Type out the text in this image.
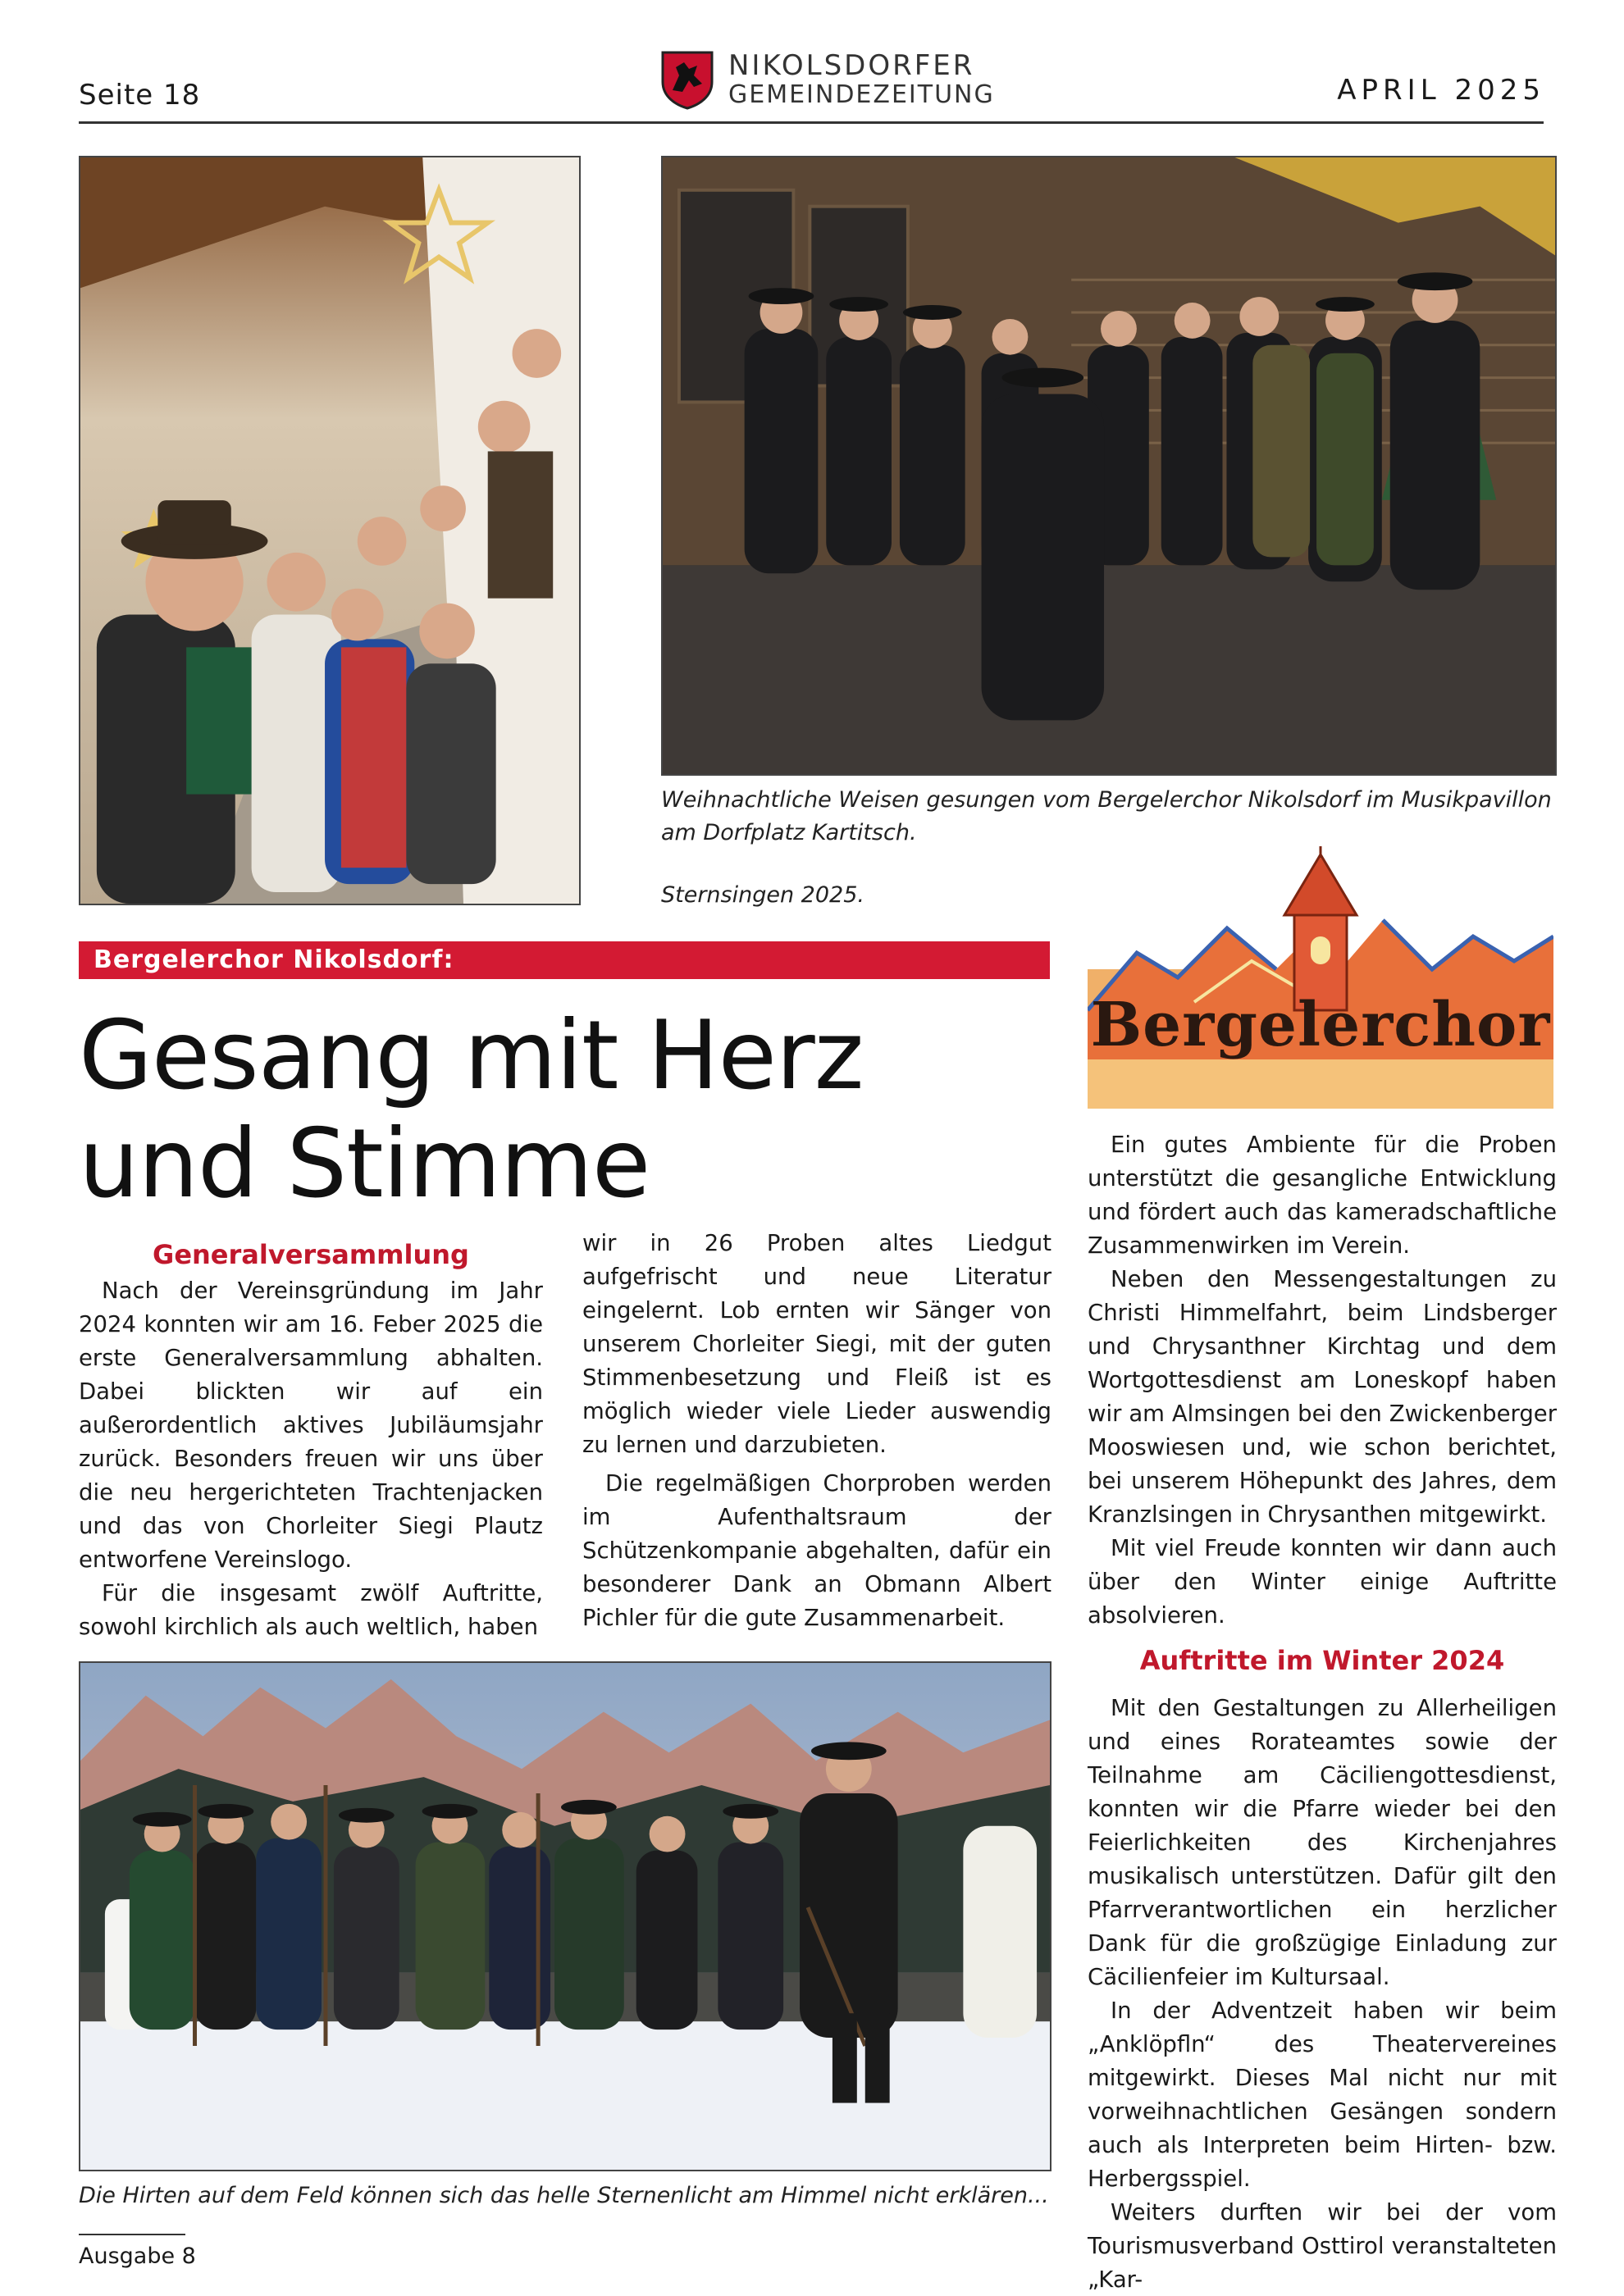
Seite 18
NIKOLSDORFER
GEMEINDEZEITUNG	APRIL 2025
Weihnachtliche Weisen gesungen vom Bergelerchor Nikolsdorf im Musikpavillon am Dorfplatz Kartitsch.
Sternsingen 2025.
Bergelerchor
Bergelerchor Nikolsdorf:
Gesang mit Herz und Stimme

Generalversammlung

Nach der Vereinsgründung im Jahr 2024 konnten wir am 16. Feber 2025 die erste Generalversammlung abhalten. Dabei blickten wir auf ein außerordentlich aktives Jubiläumsjahr zurück. Besonders freuen wir uns über die neu hergerichteten Trachtenjacken und das von Chorleiter Siegi Plautz entworfene Vereinslogo.

Für die insgesamt zwölf Auftritte, sowohl kirchlich als auch weltlich, haben

wir in 26 Proben altes Liedgut aufgefrischt und neue Literatur eingelernt. Lob ernten wir Sänger von unserem Chorleiter Siegi, mit der guten Stimmenbesetzung und Fleiß ist es möglich wieder viele Lieder auswendig zu lernen und darzubieten.

Die regelmäßigen Chorproben werden im Aufenthaltsraum der Schützenkompanie abgehalten, dafür ein besonderer Dank an Obmann Albert Pichler für die gute Zusammenarbeit.

Ein gutes Ambiente für die Proben unterstützt die gesangliche Entwicklung und fördert auch das kameradschaftliche Zusammenwirken im Verein.

Neben den Messengestaltungen zu Christi Himmelfahrt, beim Lindsberger und Chrysanthner Kirchtag und dem Wortgottesdienst am Loneskopf haben wir am Almsingen bei den Zwickenberger Mooswiesen und, wie schon berichtet, bei unserem Höhepunkt des Jahres, dem Kranzlsingen in Chrysanthen mitgewirkt.

Mit viel Freude konnten wir dann auch über den Winter einige Auftritte absolvieren.

Auftritte im Winter 2024

Mit den Gestaltungen zu Allerheiligen und eines Rorateamtes sowie der Teilnahme am Cäciliengottesdienst, konnten wir die Pfarre wieder bei den Feierlichkeiten des Kirchenjahres musikalisch unterstützen. Dafür gilt den Pfarrverantwortlichen ein herzlicher Dank für die großzügige Einladung zur Cäcilienfeier im Kultursaal.

In der Adventzeit haben wir beim „Anklöpfln“ des Theatervereines mitgewirkt. Dieses Mal nicht nur mit vorweihnachtlichen Gesängen sondern auch als Interpreten beim Hirten- bzw. Herbergsspiel.

Weiters durften wir bei der vom Tourismusverband Osttirol veranstalteten „Kar-

Die Hirten auf dem Feld können sich das helle Sternenlicht am Himmel nicht erklären...
Ausgabe 8
